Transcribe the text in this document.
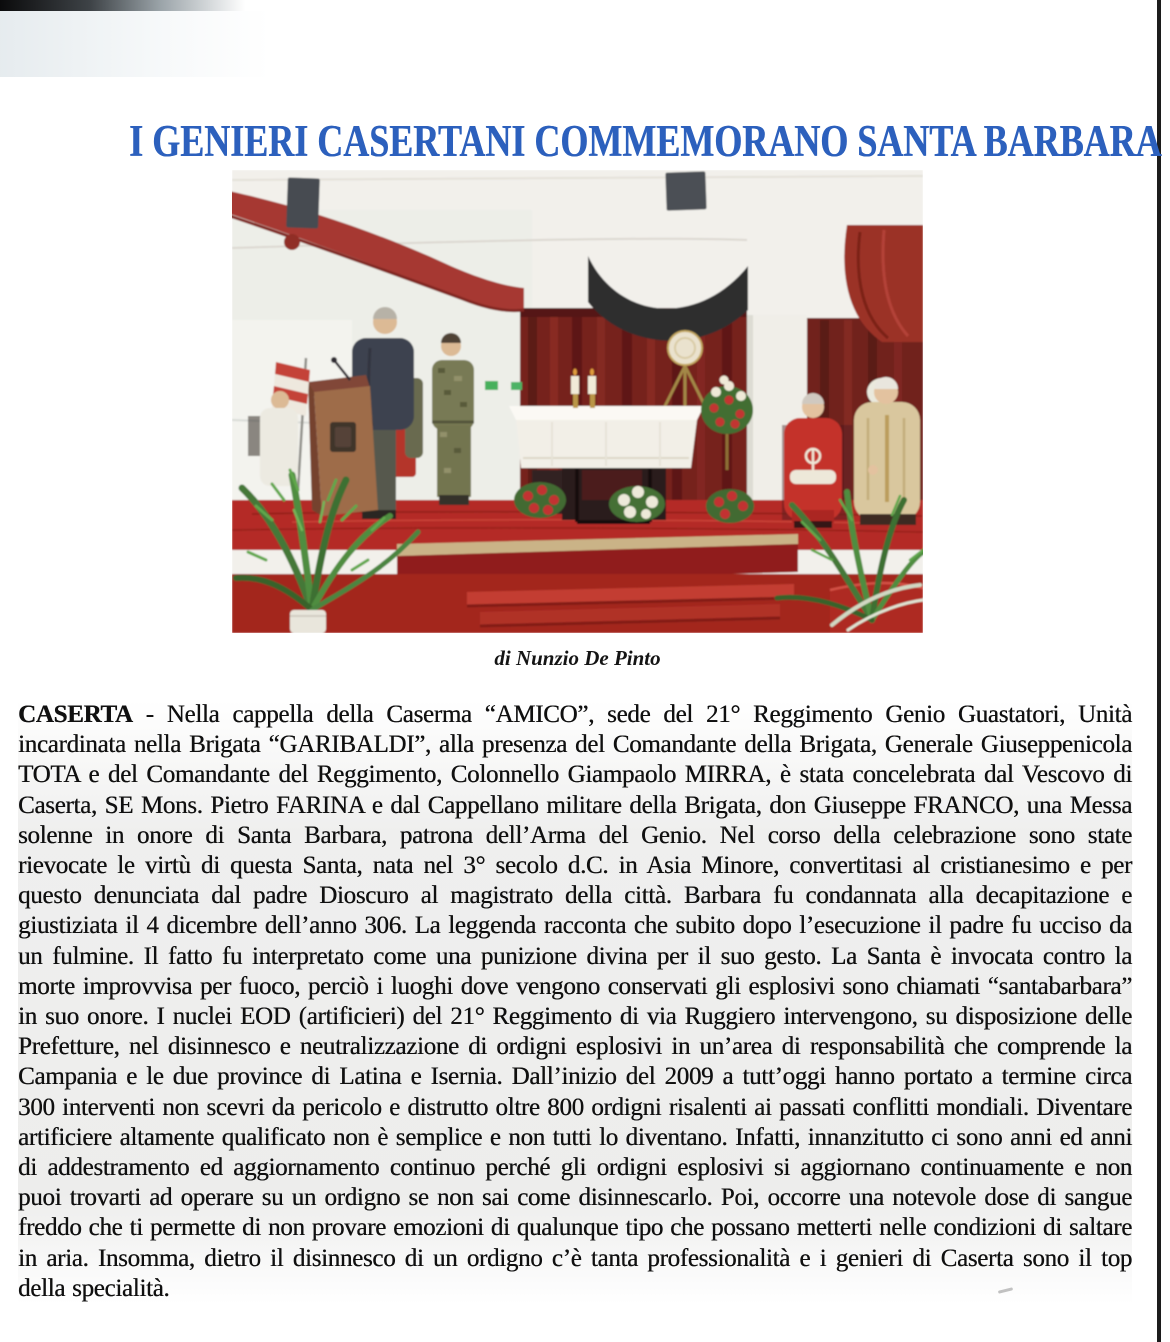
I GENIERI CASERTANI COMMEMORANO SANTA BARBARA
di Nunzio De Pinto

CASERTA - Nella cappella della Caserma “AMICO”, sede del 21° Reggimento Genio Guastatori, Unità incardinata nella Brigata “GARIBALDI”, alla presenza del Comandante della Brigata, Generale Giuseppenicola TOTA e del Comandante del Reggimento, Colonnello Giampaolo MIRRA, è stata concelebrata dal Vescovo di Caserta, SE Mons. Pietro FARINA e dal Cappellano militare della Brigata, don Giuseppe FRANCO, una Messa solenne in onore di Santa Barbara, patrona dell’Arma del Genio. Nel corso della celebrazione sono state rievocate le virtù di questa Santa, nata nel 3° secolo d.C. in Asia Minore, convertitasi al cristianesimo e per questo denunciata dal padre Dioscuro al magistrato della città. Barbara fu condannata alla decapitazione e giustiziata il 4 dicembre dell’anno 306. La leggenda racconta che subito dopo l’esecuzione il padre fu ucciso da un fulmine. Il fatto fu interpretato come una punizione divina per il suo gesto. La Santa è invocata contro la morte improvvisa per fuoco, perciò i luoghi dove vengono conservati gli esplosivi sono chiamati “santabarbara” in suo onore. I nuclei EOD (artificieri) del 21° Reggimento di via Ruggiero intervengono, su disposizione delle Prefetture, nel disinnesco e neutralizzazione di ordigni esplosivi in un’area di responsabilità che comprende la Campania e le due province di Latina e Isernia. Dall’inizio del 2009 a tutt’oggi hanno portato a termine circa 300 interventi non scevri da pericolo e distrutto oltre 800 ordigni risalenti ai passati conflitti mondiali. Diventare artificiere altamente qualificato non è semplice e non tutti lo diventano. Infatti, innanzitutto ci sono anni ed anni di addestramento ed aggiornamento continuo perché gli ordigni esplosivi si aggiornano continuamente e non puoi trovarti ad operare su un ordigno se non sai come disinnescarlo. Poi, occorre una notevole dose di sangue freddo che ti permette di non provare emozioni di qualunque tipo che possano metterti nelle condizioni di saltare in aria. Insomma, dietro il disinnesco di un ordigno c’è tanta professionalità e i genieri di Caserta sono il top della specialità.
